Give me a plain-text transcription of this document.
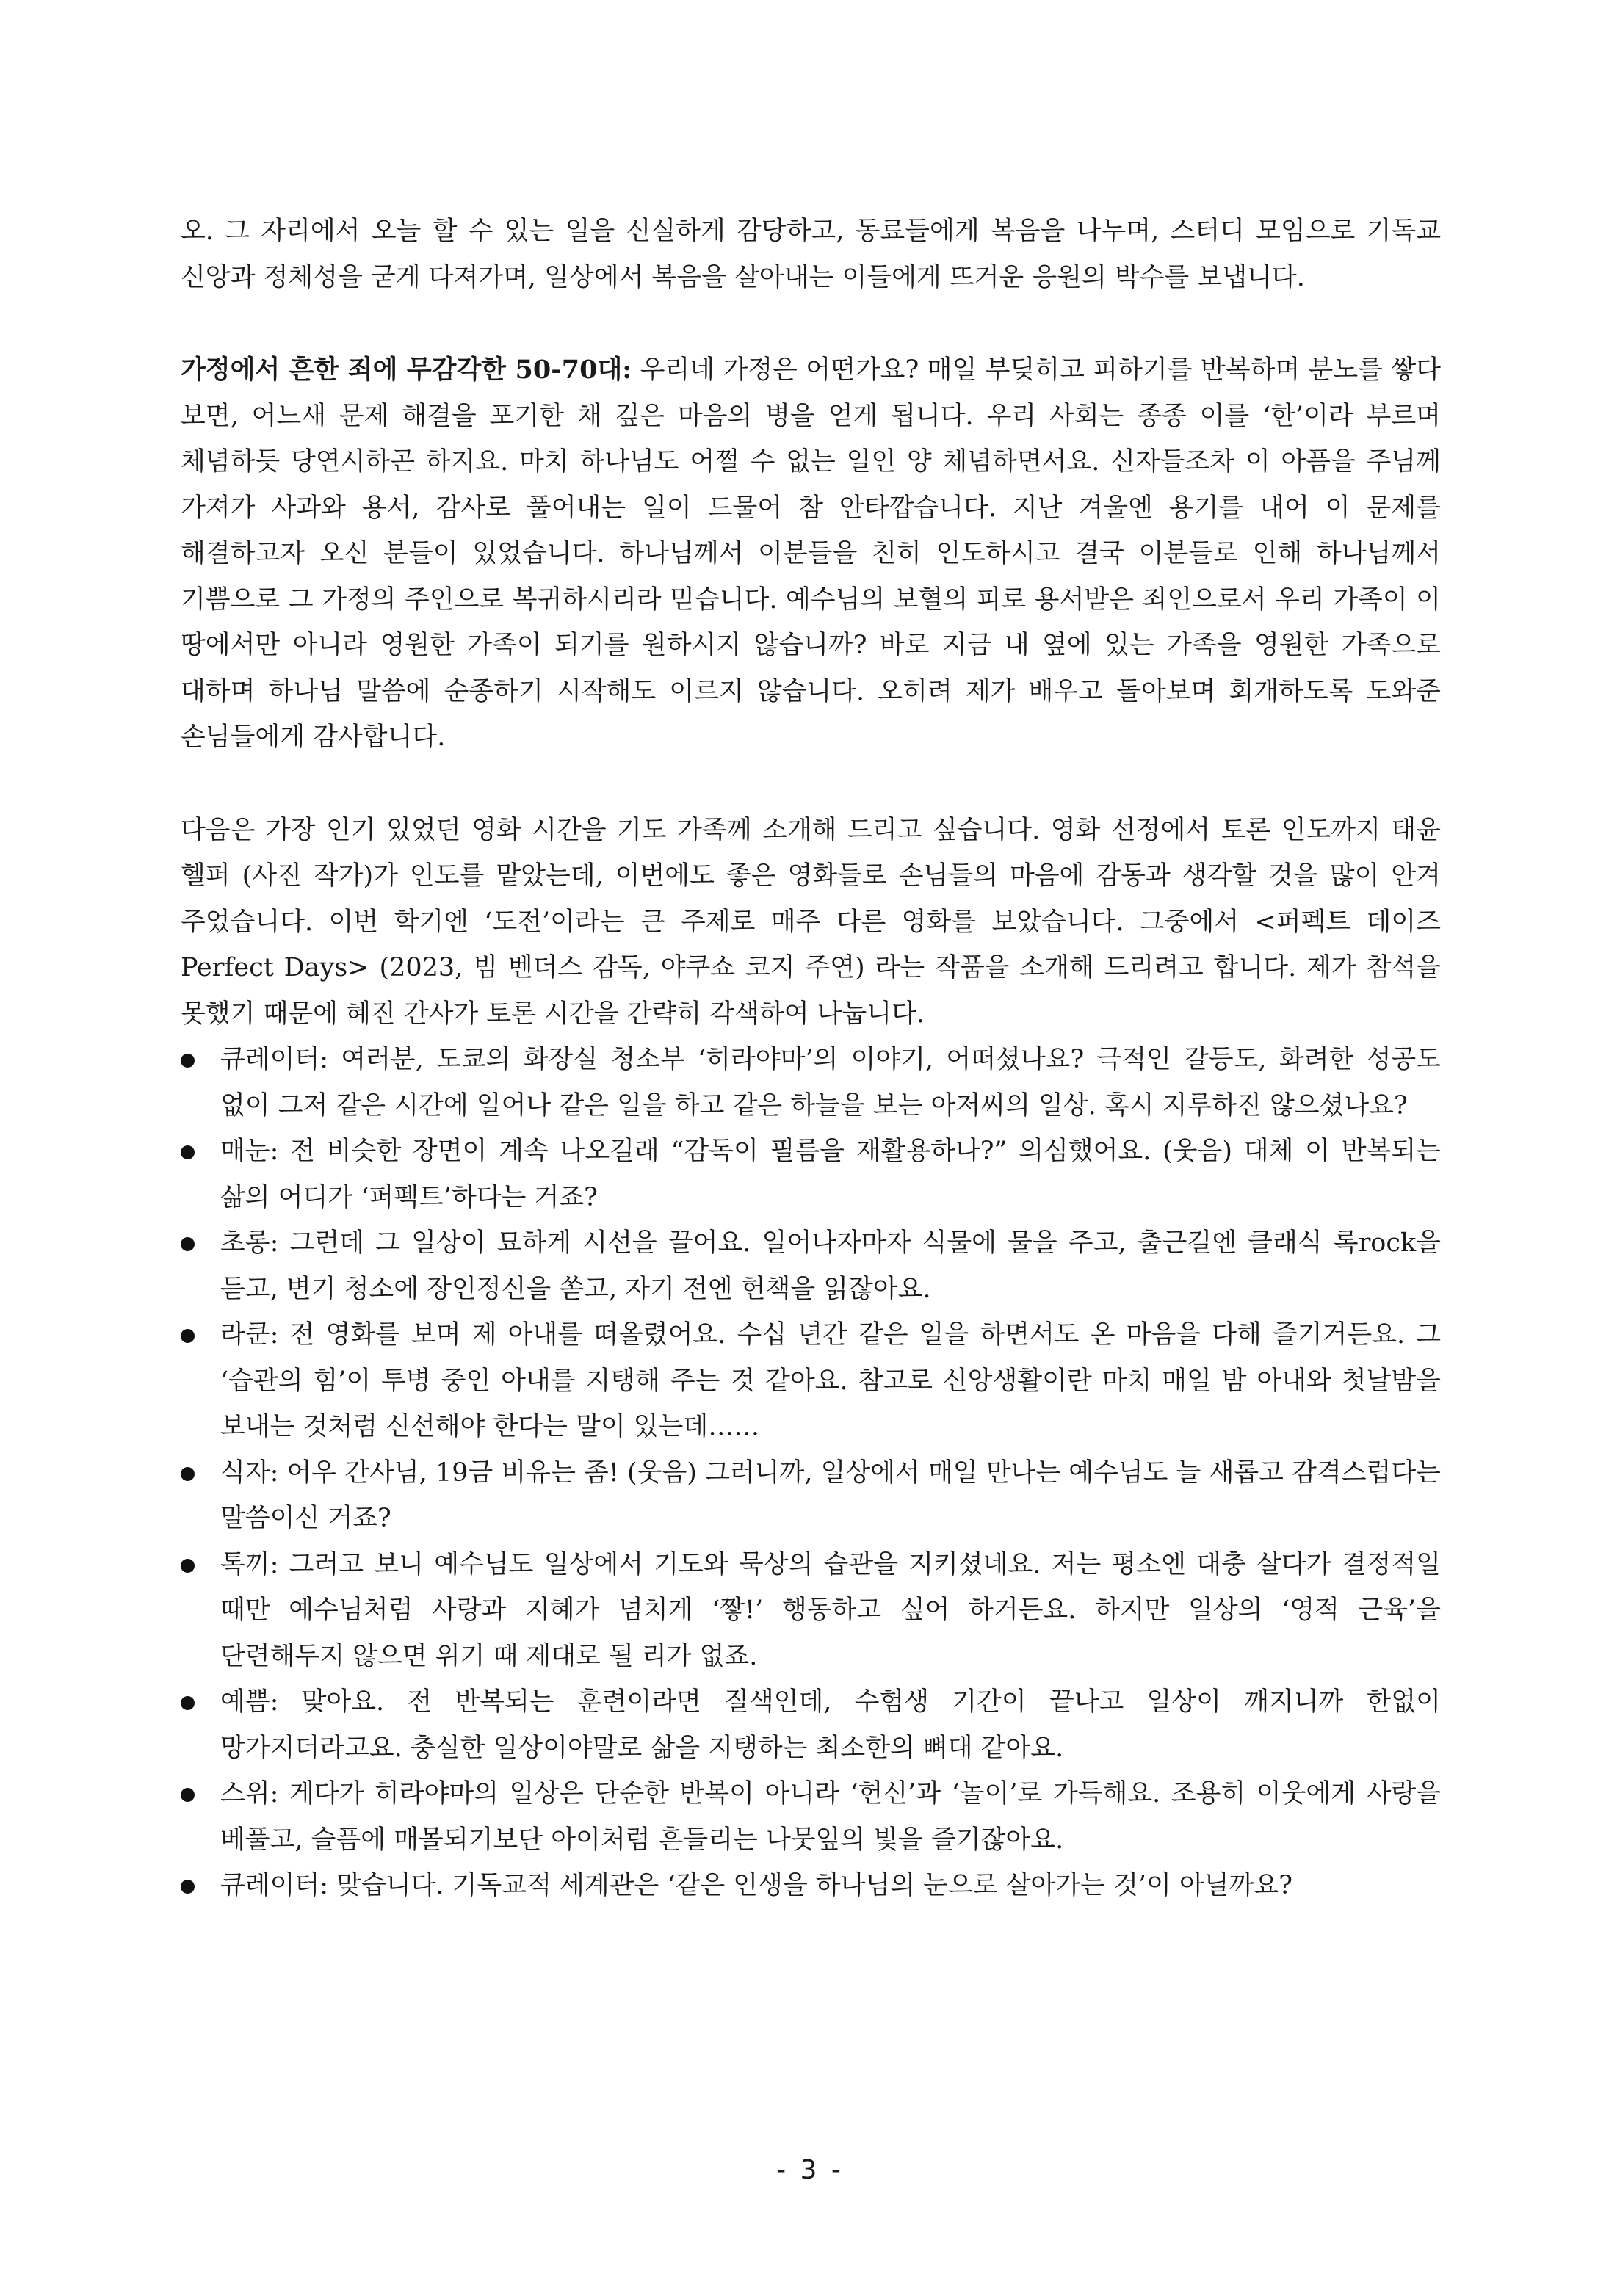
오. 그 자리에서 오늘 할 수 있는 일을 신실하게 감당하고, 동료들에게 복음을 나누며, 스터디 모임으로 기독교 신앙과 정체성을 굳게 다져가며, 일상에서 복음을 살아내는 이들에게 뜨거운 응원의 박수를 보냅니다.

가정에서 흔한 죄에 무감각한 50-70대: 우리네 가정은 어떤가요? 매일 부딪히고 피하기를 반복하며 분노를 쌓다 보면, 어느새 문제 해결을 포기한 채 깊은 마음의 병을 얻게 됩니다. 우리 사회는 종종 이를 ‘한’이라 부르며 체념하듯 당연시하곤 하지요. 마치 하나님도 어쩔 수 없는 일인 양 체념하면서요. 신자들조차 이 아픔을 주님께 가져가 사과와 용서, 감사로 풀어내는 일이 드물어 참 안타깝습니다. 지난 겨울엔 용기를 내어 이 문제를 해결하고자 오신 분들이 있었습니다. 하나님께서 이분들을 친히 인도하시고 결국 이분들로 인해 하나님께서 기쁨으로 그 가정의 주인으로 복귀하시리라 믿습니다. 예수님의 보혈의 피로 용서받은 죄인으로서 우리 가족이 이 땅에서만 아니라 영원한 가족이 되기를 원하시지 않습니까? 바로 지금 내 옆에 있는 가족을 영원한 가족으로 대하며 하나님 말씀에 순종하기 시작해도 이르지 않습니다. 오히려 제가 배우고 돌아보며 회개하도록 도와준 손님들에게 감사합니다.

다음은 가장 인기 있었던 영화 시간을 기도 가족께 소개해 드리고 싶습니다. 영화 선정에서 토론 인도까지 태윤 헬퍼 (사진 작가)가 인도를 맡았는데, 이번에도 좋은 영화들로 손님들의 마음에 감동과 생각할 것을 많이 안겨 주었습니다. 이번 학기엔 ‘도전’이라는 큰 주제로 매주 다른 영화를 보았습니다. 그중에서 <퍼펙트 데이즈 Perfect Days> (2023, 빔 벤더스 감독, 야쿠쇼 코지 주연) 라는 작품을 소개해 드리려고 합니다. 제가 참석을 못했기 때문에 혜진 간사가 토론 시간을 간략히 각색하여 나눕니다.

큐레이터: 여러분, 도쿄의 화장실 청소부 ‘히라야마’의 이야기, 어떠셨나요? 극적인 갈등도, 화려한 성공도 없이 그저 같은 시간에 일어나 같은 일을 하고 같은 하늘을 보는 아저씨의 일상. 혹시 지루하진 않으셨나요?
매눈: 전 비슷한 장면이 계속 나오길래 “감독이 필름을 재활용하나?” 의심했어요. (웃음) 대체 이 반복되는 삶의 어디가 ‘퍼펙트’하다는 거죠?
초롱: 그런데 그 일상이 묘하게 시선을 끌어요. 일어나자마자 식물에 물을 주고, 출근길엔 클래식 록rock을 듣고, 변기 청소에 장인정신을 쏟고, 자기 전엔 헌책을 읽잖아요.
라쿤: 전 영화를 보며 제 아내를 떠올렸어요. 수십 년간 같은 일을 하면서도 온 마음을 다해 즐기거든요. 그 ‘습관의 힘’이 투병 중인 아내를 지탱해 주는 것 같아요. 참고로 신앙생활이란 마치 매일 밤 아내와 첫날밤을 보내는 것처럼 신선해야 한다는 말이 있는데……
식자: 어우 간사님, 19금 비유는 좀! (웃음) 그러니까, 일상에서 매일 만나는 예수님도 늘 새롭고 감격스럽다는 말씀이신 거죠?
톡끼: 그러고 보니 예수님도 일상에서 기도와 묵상의 습관을 지키셨네요. 저는 평소엔 대충 살다가 결정적일 때만 예수님처럼 사랑과 지혜가 넘치게 ‘짷!’ 행동하고 싶어 하거든요. 하지만 일상의 ‘영적 근육’을 단련해두지 않으면 위기 때 제대로 될 리가 없죠.
예쁨: 맞아요. 전 반복되는 훈련이라면 질색인데, 수험생 기간이 끝나고 일상이 깨지니까 한없이 망가지더라고요. 충실한 일상이야말로 삶을 지탱하는 최소한의 뼈대 같아요.
스위: 게다가 히라야마의 일상은 단순한 반복이 아니라 ‘헌신’과 ‘놀이’로 가득해요. 조용히 이웃에게 사랑을 베풀고, 슬픔에 매몰되기보단 아이처럼 흔들리는 나뭇잎의 빛을 즐기잖아요.
큐레이터: 맞습니다. 기독교적 세계관은 ‘같은 인생을 하나님의 눈으로 살아가는 것’이 아닐까요?
- 3 -
